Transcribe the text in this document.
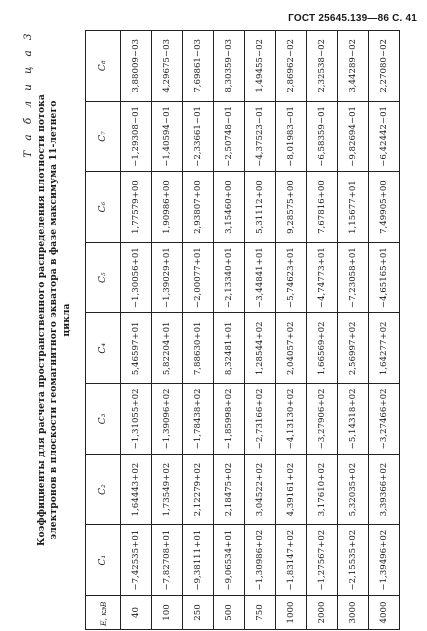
ГОСТ 25645.139—86 С. 41
Т а б л и ц а 3
Коэффициенты для расчета пространственного распределения плотности потока электронов в плоскости геомагнитного экватора в фазе максимума 11-летнего цикла
Е, кэВ	C₁	C₂	C₃	C₄	C₅	C₆	C₇	C₈
40	−7,42535+01	1,64443+02	−1,31055+02	5,46597+01	−1,30056+01	1,77579+00	−1,29308−01	3,88009−03
100	−7,82708+01	1,73549+02	−1,39096+02	5,82204+01	−1,39029+01	1,90986+00	−1,40594−01	4,29675−03
250	−9,38111+01	2,12279+02	−1,78438+02	7,88630+01	−2,00077+01	2,93807+00	−2,33661−01	7,69861−03
500	−9,06534+01	2,18475+02	−1,85998+02	8,32481+01	−2,13340+01	3,15460+00	−2,50748−01	8,30359−03
750	−1,30986+02	3,04522+02	−2,73166+02	1,28544+02	−3,44841+01	5,31112+00	−4,37523−01	1,49455−02
1000	−1,83147+02	4,39161+02	−4,13130+02	2,04057+02	−5,74623+01	9,28575+00	−8,01983−01	2,86962−02
2000	−1,27567+02	3,17610+02	−3,27906+02	1,66569+02	−4,74773+01	7,67816+00	−6,58359−01	2,32538−02
3000	−2,15535+02	5,32035+02	−5,14318+02	2,56997+02	−7,23058+01	1,15677+01	−9,82694−01	3,44289−02
4000	−1,39496+02	3,39366+02	−3,27466+02	1,64277+02	−4,65165+01	7,49905+00	−6,42442−01	2,27080−02
